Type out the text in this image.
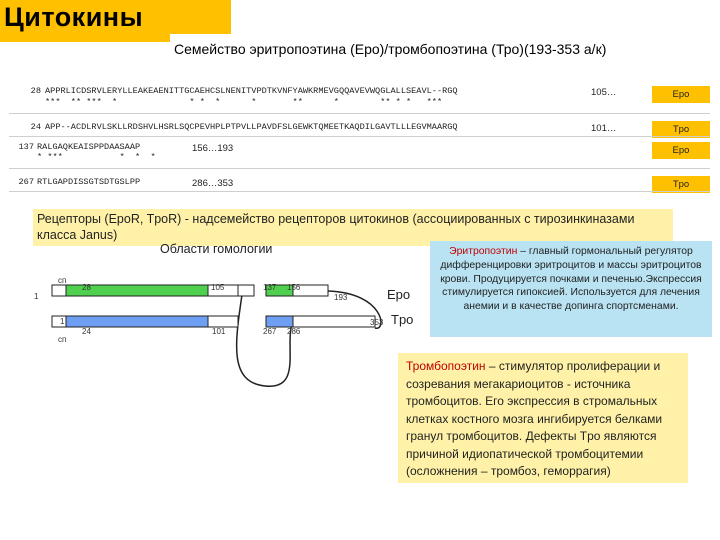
Цитокины
Семейство эритропоэтина (Ерo)/тромбопоэтина (Тро)(193-353 а/к)
28 APPRLICDSRVLERYLLEAKEAENITTGCAEHCSLNENITVPDTKVNFYAWKRMEVGQQAVEVWQGLALLSEAVL--RGQ
***  ** ***  *              * *  *      *       **      *        ** * *   ***
105…	Epo
24 APP--ACDLRVLSKLLRDSHVLHSRLSQCPEVHPLPTPVLLPAVDFSLGEWKTQMEETKAQDILGAVTLLLEGVMAARGQ	101…	Tpo
137 RALGAQKEAISPPDAASAAP
* ***           *  *  *
156…193	Epo
267 RTLGAPDISSGTSDTGSLPP	286…353	Tpo
Рецепторы (EpoR, TpoR) - надсемейство рецепторов цитокинов (ассоциированных с тирозинкиназами класса Janus)
Области гомологии
сп
1
28	105	137 156
193	Epo
сп
1
24	101	267 286
353 Tpo
Эритропоэтин – главный гормональный регулятор дифференцировки эритроцитов и массы эритроцитов крови. Продуцируется почками и печенью.Экспрессия стимулируется гипоксией. Используется для лечения анемии и в качестве допинга спортсменами.
Тромбопоэтин – стимулятор пролиферации и созревания мегакариоцитов - источника тромбоцитов. Его экспрессия в стромальных клетках костного мозга ингибируется белками гранул тромбоцитов. Дефекты Tpo являются причиной идиопатической тромбоцитемии (осложнения – тромбоз, геморрагия)
